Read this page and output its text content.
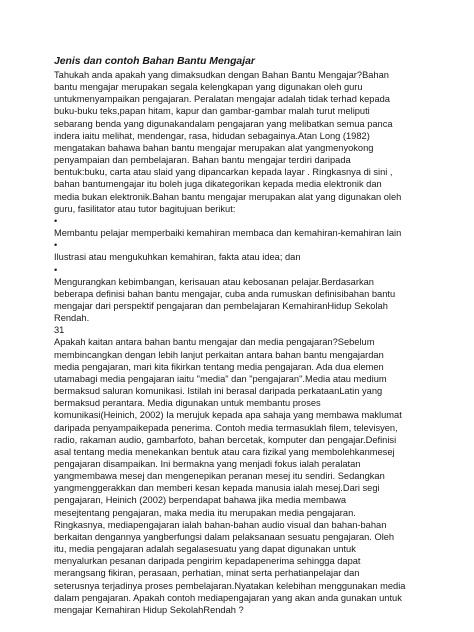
Jenis dan contoh Bahan Bantu Mengajar

Tahukah anda apakah yang dimaksudkan dengan Bahan Bantu Mengajar?Bahan
bantu mengajar merupakan segala kelengkapan yang digunakan oleh guru
untukmenyampaikan pengajaran. Peralatan mengajar adalah tidak terhad kepada
buku-buku teks,papan hitam, kapur dan gambar-gambar malah turut meliputi
sebarang benda yang digunakandalam pengajaran yang melibatkan semua panca
indera iaitu melihat, mendengar, rasa, hidudan sebagainya.Atan Long (1982)
mengatakan bahawa bahan bantu mengajar merupakan alat yangmenyokong
penyampaian dan pembelajaran. Bahan bantu mengajar terdiri daripada
bentuk:buku, carta atau slaid yang dipancarkan kepada layar . Ringkasnya di sini ,
bahan bantumengajar itu boleh juga dikategorikan kepada media elektronik dan
media bukan elektronik.Bahan bantu mengajar merupakan alat yang digunakan oleh
guru, fasilitator atau tutor bagitujuan berikut:

•

Membantu pelajar memperbaiki kemahiran membaca dan kemahiran-kemahiran lain

•

Ilustrasi atau mengukuhkan kemahiran, fakta atau idea; dan

•

Mengurangkan kebimbangan, kerisauan atau kebosanan pelajar.Berdasarkan
beberapa definisi bahan bantu mengajar, cuba anda rumuskan definisibahan bantu
mengajar dari perspektif pengajaran dan pembelajaran KemahiranHidup Sekolah
Rendah.
31

Apakah kaitan antara bahan bantu mengajar dan media pengajaran?Sebelum
membincangkan dengan lebih lanjut perkaitan antara bahan bantu mengajardan
media pengajaran, mari kita fikirkan tentang media pengajaran. Ada dua elemen
utamabagi media pengajaran iaitu "media" dan "pengajaran".Media atau medium
bermaksud saluran komunikasi. Istilah ini berasal daripada perkataanLatin yang
bermaksud perantara. Media digunakan untuk membantu proses
komunikasi(Heinich, 2002) Ia merujuk kepada apa sahaja yang membawa maklumat
daripada penyampaikepada penerima. Contoh media termasuklah filem, televisyen,
radio, rakaman audio, gambarfoto, bahan bercetak, komputer dan pengajar.Definisi
asal tentang media menekankan bentuk atau cara fizikal yang membolehkanmesej
pengajaran disampaikan. Ini bermakna yang menjadi fokus ialah peralatan
yangmembawa mesej dan mengenepikan peranan mesej itu sendiri. Sedangkan
yangmenggerakkan dan memberi kesan kepada manusia ialah mesej.Dari segi
pengajaran, Heinich (2002) berpendapat bahawa jika media membawa
mesejtentang pengajaran, maka media itu merupakan media pengajaran.
Ringkasnya, mediapengajaran ialah bahan-bahan audio visual dan bahan-bahan
berkaitan dengannya yangberfungsi dalam pelaksanaan sesuatu pengajaran. Oleh
itu, media pengajaran adalah segalasesuatu yang dapat digunakan untuk
menyalurkan pesanan daripada pengirim kepadapenerima sehingga dapat
merangsang fikiran, perasaan, perhatian, minat serta perhatianpelajar dan
seterusnya terjadinya proses pembelajaran.Nyatakan kelebihan menggunakan media
dalam pengajaran. Apakah contoh mediapengajaran yang akan anda gunakan untuk
mengajar Kemahiran Hidup SekolahRendah ?
